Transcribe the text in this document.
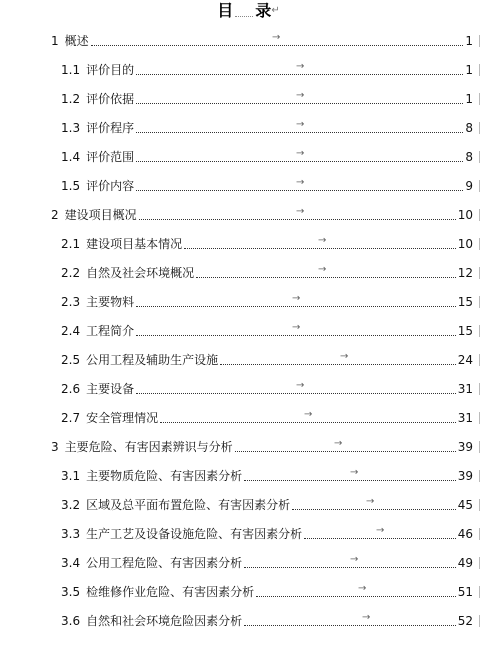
目 录↵
1 概述	1
→
1.1 评价目的	1
→
1.2 评价依据	1
→
1.3 评价程序	8
→
1.4 评价范围	8
→
1.5 评价内容	9
→
2 建设项目概况	10
→
2.1 建设项目基本情况	10
→
2.2 自然及社会环境概况	12
→
2.3 主要物料	15
→
2.4 工程简介	15
→
2.5 公用工程及辅助生产设施	24
→
2.6 主要设备	31
→
2.7 安全管理情况	31
→
3 主要危险、有害因素辨识与分析	39
→
3.1 主要物质危险、有害因素分析	39
→
3.2 区域及总平面布置危险、有害因素分析	45
→
3.3 生产工艺及设备设施危险、有害因素分析	46
→
3.4 公用工程危险、有害因素分析	49
→
3.5 检维修作业危险、有害因素分析	51
→
3.6 自然和社会环境危险因素分析	52
→
